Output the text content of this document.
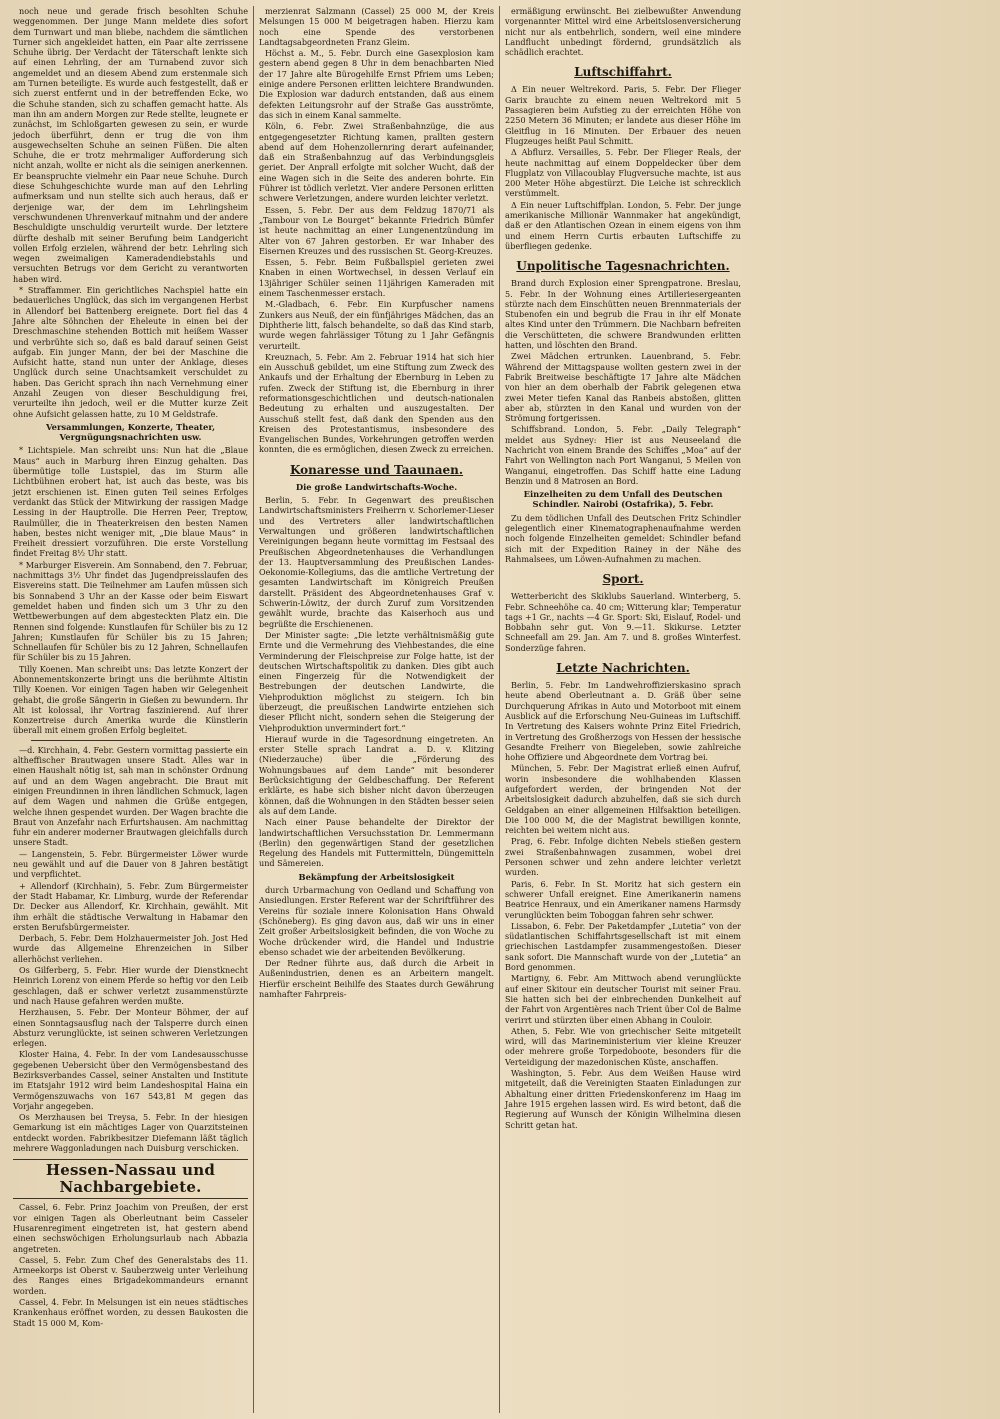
noch neue und gerade frisch besohlten Schuhe weggenommen. Der junge Mann meldete dies sofort dem Turnwart und man bliebe, nachdem die sämtlichen Turner sich angekleidet hatten, ein Paar alte zerrissene Schuhe übrig. Der Verdacht der Täterschaft lenkte sich auf einen Lehrling, der am Turnabend zuvor sich angemeldet und an diesem Abend zum erstenmale sich am Turnen beteiligte. Es wurde auch festgestellt, daß er sich zuerst entfernt und in der betreffenden Ecke, wo die Schuhe standen, sich zu schaffen gemacht hatte. Als man ihn am andern Morgen zur Rede stellte, leugnete er zunächst, im Schloßgarten gewesen zu sein, er wurde jedoch überführt, denn er trug die von ihm ausgewechselten Schuhe an seinen Füßen. Die alten Schuhe, die er trotz mehrmaliger Aufforderung sich nicht anzah, wollte er nicht als die seinigen anerkennen. Er beanspruchte vielmehr ein Paar neue Schuhe. Durch diese Schuhgeschichte wurde man auf den Lehrling aufmerksam und nun stellte sich auch heraus, daß er derjenige war, der dem im Lehrlingsheim verschwundenen Uhrenverkauf mitnahm und der andere Beschuldigte unschuldig verurteilt wurde. Der letztere dürfte deshalb mit seiner Berufung beim Landgericht vollen Erfolg erzielen, während der betr. Lehrling sich wegen zweimaligen Kameradendiebstahls und versuchten Betrugs vor dem Gericht zu verantworten haben wird.

* Straffammer. Ein gerichtliches Nachspiel hatte ein bedauerliches Unglück, das sich im vergangenen Herbst in Allendorf bei Battenberg ereignete. Dort fiel das 4 Jahre alte Söhnchen der Eheleute in einen bei der Dreschmaschine stehenden Bottich mit heißem Wasser und verbrühte sich so, daß es bald darauf seinen Geist aufgab. Ein junger Mann, der bei der Maschine die Aufsicht hatte, stand nun unter der Anklage, dieses Unglück durch seine Unachtsamkeit verschuldet zu haben. Das Gericht sprach ihn nach Vernehmung einer Anzahl Zeugen von dieser Beschuldigung frei, verurteilte ihn jedoch, weil er die Mutter kurze Zeit ohne Aufsicht gelassen hatte, zu 10 M Geldstrafe.

Versammlungen, Konzerte, Theater, Vergnügungsnachrichten usw.

* Lichtspiele. Man schreibt uns: Nun hat die „Blaue Maus“ auch in Marburg ihren Einzug gehalten. Das übermütige tolle Lustspiel, das im Sturm alle Lichtbühnen erobert hat, ist auch das beste, was bis jetzt erschienen ist. Einen guten Teil seines Erfolges verdankt das Stück der Mitwirkung der rassigen Madge Lessing in der Hauptrolle. Die Herren Peer, Treptow, Raulmüller, die in Theaterkreisen den besten Namen haben, bestes nicht weniger mit, „Die blaue Maus“ in Freiheit dressiert vorzuführen. Die erste Vorstellung findet Freitag 8½ Uhr statt.

* Marburger Eisverein. Am Sonnabend, den 7. Februar, nachmittags 3½ Uhr findet das Jugendpreisslaufen des Eisvereins statt. Die Teilnehmer am Laufen müssen sich bis Sonnabend 3 Uhr an der Kasse oder beim Eiswart gemeldet haben und finden sich um 3 Uhr zu den Wettbewerbungen auf dem abgesteckten Platz ein. Die Rennen sind folgende: Kunstlaufen für Schüler bis zu 12 Jahren; Kunstlaufen für Schüler bis zu 15 Jahren; Schnellaufen für Schüler bis zu 12 Jahren, Schnellaufen für Schüler bis zu 15 Jahren.

Tilly Koenen. Man schreibt uns: Das letzte Konzert der Abonnementskonzerte bringt uns die berühmte Altistin Tilly Koenen. Vor einigen Tagen haben wir Gelegenheit gehabt, die große Sängerin in Gießen zu bewundern. Ihr Alt ist kolossal, ihr Vortrag faszinierend. Auf ihrer Konzertreise durch Amerika wurde die Künstlerin überall mit einem großen Erfolg begleitet.

—d. Kirchhain, 4. Febr. Gestern vormittag passierte ein altheffischer Brautwagen unsere Stadt. Alles war in einen Haushalt nötig ist, sah man in schönster Ordnung auf und an dem Wagen angebracht. Die Braut mit einigen Freundinnen in ihren ländlichen Schmuck, lagen auf dem Wagen und nahmen die Grüße entgegen, welche ihnen gespendet wurden. Der Wagen brachte die Braut von Anzefahr nach Erfurtshausen. Am nachmittag fuhr ein anderer moderner Brautwagen gleichfalls durch unsere Stadt.

— Langenstein, 5. Febr. Bürgermeister Löwer wurde neu gewählt und auf die Dauer von 8 Jahren bestätigt und verpflichtet.

+ Allendorf (Kirchhain), 5. Febr. Zum Bürgermeister der Stadt Habamar, Kr. Limburg, wurde der Referendar Dr. Decker aus Allendorf, Kr. Kirchhain, gewählt. Mit ihm erhält die städtische Verwaltung in Habamar den ersten Berufsbürgermeister.

Derbach, 5. Febr. Dem Holzhauermeister Joh. Jost Hed wurde das Allgemeine Ehrenzeichen in Silber allerhöchst verliehen.

Os Gilferberg, 5. Febr. Hier wurde der Dienstknecht Heinrich Lorenz von einem Pferde so heftig vor den Leib geschlagen, daß er schwer verletzt zusammenstürzte und nach Hause gefahren werden mußte.

Herzhausen, 5. Febr. Der Monteur Böhmer, der auf einen Sonntagsausflug nach der Talsperre durch einen Absturz verunglückte, ist seinen schweren Verletzungen erlegen.

Kloster Haina, 4. Febr. In der vom Landesausschusse gegebenen Uebersicht über den Vermögensbestand des Bezirksverbandes Cassel, seiner Anstalten und Institute im Etatsjahr 1912 wird beim Landeshospital Haina ein Vermögenszuwachs von 167 543,81 M gegen das Vorjahr angegeben.

Os Merzhausen bei Treysa, 5. Febr. In der hiesigen Gemarkung ist ein mächtiges Lager von Quarzitsteinen entdeckt worden. Fabrikbesitzer Diefemann läßt täglich mehrere Waggonladungen nach Duisburg verschicken.

Hessen-Nassau und Nachbargebiete.

Cassel, 6. Febr. Prinz Joachim von Preußen, der erst vor einigen Tagen als Oberleutnant beim Casseler Husarenregiment eingetreten ist, hat gestern abend einen sechswöchigen Erholungsurlaub nach Abbazia angetreten.

Cassel, 5. Febr. Zum Chef des Generalstabs des 11. Armeekorps ist Oberst v. Sauberzweig unter Verleihung des Ranges eines Brigadekommandeurs ernannt worden.

Cassel, 4. Febr. In Melsungen ist ein neues städtisches Krankenhaus eröffnet worden, zu dessen Baukosten die Stadt 15 000 M, Kom-

merzienrat Salzmann (Cassel) 25 000 M, der Kreis Melsungen 15 000 M beigetragen haben. Hierzu kam noch eine Spende des verstorbenen Landtagsabgeordneten Franz Gleim.

Höchst a. M., 5. Febr. Durch eine Gasexplosion kam gestern abend gegen 8 Uhr in dem benachbarten Nied der 17 Jahre alte Bürogehilfe Ernst Pfriem ums Leben; einige andere Personen erlitten leichtere Brandwunden. Die Explosion war dadurch entstanden, daß aus einem defekten Leitungsrohr auf der Straße Gas ausströmte, das sich in einem Kanal sammelte.

Köln, 6. Febr. Zwei Straßenbahnzüge, die aus entgegengesetzter Richtung kamen, prallten gestern abend auf dem Hohenzollernring derart aufeinander, daß ein Straßenbahnzug auf das Verbindungsgleis geriet. Der Anprall erfolgte mit solcher Wucht, daß der eine Wagen sich in die Seite des anderen bohrte. Ein Führer ist tödlich verletzt. Vier andere Personen erlitten schwere Verletzungen, andere wurden leichter verletzt.

Essen, 5. Febr. Der aus dem Feldzug 1870/71 als „Tambour von Le Bourget“ bekannte Friedrich Bümfer ist heute nachmittag an einer Lungenentzündung im Alter von 67 Jahren gestorben. Er war Inhaber des Eisernen Kreuzes und des russischen St. Georg-Kreuzes.

Essen, 5. Febr. Beim Fußballspiel gerieten zwei Knaben in einen Wortwechsel, in dessen Verlauf ein 13jähriger Schüler seinen 11jährigen Kameraden mit einem Taschenmesser erstach.

M.-Gladbach, 6. Febr. Ein Kurpfuscher namens Zunkers aus Neuß, der ein fünfjähriges Mädchen, das an Diphtherie litt, falsch behandelte, so daß das Kind starb, wurde wegen fahrlässiger Tötung zu 1 Jahr Gefängnis verurteilt.

Kreuznach, 5. Febr. Am 2. Februar 1914 hat sich hier ein Ausschuß gebildet, um eine Stiftung zum Zweck des Ankaufs und der Erhaltung der Ebernburg in Leben zu rufen. Zweck der Stiftung ist, die Ebernburg in ihrer reformationsgeschichtlichen und deutsch-nationalen Bedeutung zu erhalten und auszugestalten. Der Ausschuß stellt fest, daß dank den Spenden aus den Kreisen des Protestantismus, insbesondere des Evangelischen Bundes, Vorkehrungen getroffen werden konnten, die es ermöglichen, diesen Zweck zu erreichen.

Konaresse und Taaunaen.
Die große Landwirtschafts-Woche.

Berlin, 5. Febr. In Gegenwart des preußischen Landwirtschaftsministers Freiherrn v. Schorlemer-Lieser und des Vertreters aller landwirtschaftlichen Verwaltungen und größeren landwirtschaftlichen Vereinigungen begann heute vormittag im Festsaal des Preußischen Abgeordnetenhauses die Verhandlungen der 13. Hauptversammlung des Preußischen Landes-Oekonomie-Kollegiums, das die amtliche Vertretung der gesamten Landwirtschaft im Königreich Preußen darstellt. Präsident des Abgeordnetenhauses Graf v. Schwerin-Löwitz, der durch Zuruf zum Vorsitzenden gewählt wurde, brachte das Kaiserhoch aus und begrüßte die Erschienenen.

Der Minister sagte: „Die letzte verhältnismäßig gute Ernte und die Vermehrung des Viehbestandes, die eine Verminderung der Fleischpreise zur Folge hatte, ist der deutschen Wirtschaftspolitik zu danken. Dies gibt auch einen Fingerzeig für die Notwendigkeit der Bestrebungen der deutschen Landwirte, die Viehproduktion möglichst zu steigern. Ich bin überzeugt, die preußischen Landwirte entziehen sich dieser Pflicht nicht, sondern sehen die Steigerung der Viehproduktion unvermindert fort.“

Hierauf wurde in die Tagesordnung eingetreten. An erster Stelle sprach Landrat a. D. v. Klitzing (Niederzauche) über die „Förderung des Wohnungsbaues auf dem Lande“ mit besonderer Berücksichtigung der Geldbeschaffung. Der Referent erklärte, es habe sich bisher nicht davon überzeugen können, daß die Wohnungen in den Städten besser seien als auf dem Lande.

Nach einer Pause behandelte der Direktor der landwirtschaftlichen Versuchsstation Dr. Lemmermann (Berlin) den gegenwärtigen Stand der gesetzlichen Regelung des Handels mit Futtermitteln, Düngemitteln und Sämereien.

Bekämpfung der Arbeitslosigkeit

durch Urbarmachung von Oedland und Schaffung von Ansiedlungen. Erster Referent war der Schriftführer des Vereins für soziale innere Kolonisation Hans Ohwald (Schöneberg). Es ging davon aus, daß wir uns in einer Zeit großer Arbeitslosigkeit befinden, die von Woche zu Woche drückender wird, die Handel und Industrie ebenso schadet wie der arbeitenden Bevölkerung.

Der Redner führte aus, daß durch die Arbeit in Außenindustrien, denen es an Arbeitern mangelt. Hierfür erscheint Beihilfe des Staates durch Gewährung namhafter Fahrpreis-

ermäßigung erwünscht. Bei zielbewußter Anwendung vorgenannter Mittel wird eine Arbeitslosenversicherung nicht nur als entbehrlich, sondern, weil eine mindere Landflucht unbedingt fördernd, grundsätzlich als schädlich erachtet.

Luftschiffahrt.

Δ Ein neuer Weltrekord. Paris, 5. Febr. Der Flieger Garix brauchte zu einem neuen Weltrekord mit 5 Passagieren beim Aufstieg zu der erreichten Höhe von 2250 Metern 36 Minuten; er landete aus dieser Höhe im Gleitflug in 16 Minuten. Der Erbauer des neuen Flugzeuges heißt Paul Schmitt.

Δ Abflurz. Versailles, 5. Febr. Der Flieger Reals, der heute nachmittag auf einem Doppeldecker über dem Flugplatz von Villacoublay Flugversuche machte, ist aus 200 Meter Höhe abgestürzt. Die Leiche ist schrecklich verstümmelt.

Δ Ein neuer Luftschiffplan. London, 5. Febr. Der junge amerikanische Millionär Wannmaker hat angekündigt, daß er den Atlantischen Ozean in einem eigens von ihm und einem Herrn Curtis erbauten Luftschiffe zu überfliegen gedenke.

Unpolitische Tagesnachrichten.

Brand durch Explosion einer Sprengpatrone. Breslau, 5. Febr. In der Wohnung eines Artilleriesergeanten stürzte nach dem Einschütten neuen Brennmaterials der Stubenofen ein und begrub die Frau in ihr elf Monate altes Kind unter den Trümmern. Die Nachbarn befreiten die Verschütteten, die schwere Brandwunden erlitten hatten, und löschten den Brand.

Zwei Mädchen ertrunken. Lauenbrand, 5. Febr. Während der Mittagspause wollten gestern zwei in der Fabrik Breitweise beschäftigte 17 Jahre alte Mädchen von hier an dem oberhalb der Fabrik gelegenen etwa zwei Meter tiefen Kanal das Ranbeis abstoßen, glitten aber ab, stürzten in den Kanal und wurden von der Strömung fortgerissen.

Schiffsbrand. London, 5. Febr. „Daily Telegraph“ meldet aus Sydney: Hier ist aus Neuseeland die Nachricht von einem Brande des Schiffes „Moa“ auf der Fahrt von Wellington nach Port Wanganui, 5 Meilen von Wanganui, eingetroffen. Das Schiff hatte eine Ladung Benzin und 8 Matrosen an Bord.

Einzelheiten zu dem Unfall des Deutschen Schindler. Nairobi (Ostafrika), 5. Febr.

Zu dem tödlichen Unfall des Deutschen Fritz Schindler gelegentlich einer Kinematographenaufnahme werden noch folgende Einzelheiten gemeldet: Schindler befand sich mit der Expedition Rainey in der Nähe des Rahmalsees, um Löwen-Aufnahmen zu machen.

Sport.

Wetterbericht des Skiklubs Sauerland. Winterberg, 5. Febr. Schneehöhe ca. 40 cm; Witterung klar; Temperatur tags +1 Gr., nachts —4 Gr. Sport: Ski, Eislauf, Rodel- und Bobbahn sehr gut. Von 9.—11. Skikurse. Letzter Schneefall am 29. Jan. Am 7. und 8. großes Winterfest. Sonderzüge fahren.

Letzte Nachrichten.

Berlin, 5. Febr. Im Landwehroffizierskasino sprach heute abend Oberleutnant a. D. Gräß über seine Durchquerung Afrikas in Auto und Motorboot mit einem Ausblick auf die Erforschung Neu-Guineas im Luftschiff. In Vertretung des Kaisers wohnte Prinz Eitel Friedrich, in Vertretung des Großherzogs von Hessen der hessische Gesandte Freiherr von Biegeleben, sowie zahlreiche hohe Offiziere und Abgeordnete dem Vortrag bei.

München, 5. Febr. Der Magistrat erließ einen Aufruf, worin insbesondere die wohlhabenden Klassen aufgefordert werden, der bringenden Not der Arbeitslosigkeit dadurch abzuhelfen, daß sie sich durch Geldgaben an einer allgemeinen Hilfsaktion beteiligen. Die 100 000 M, die der Magistrat bewilligen konnte, reichten bei weitem nicht aus.

Prag, 6. Febr. Infolge dichten Nebels stießen gestern zwei Straßenbahnwagen zusammen, wobei drei Personen schwer und zehn andere leichter verletzt wurden.

Paris, 6. Febr. In St. Moritz hat sich gestern ein schwerer Unfall ereignet. Eine Amerikanerin namens Beatrice Henraux, und ein Amerikaner namens Harmsdy verunglückten beim Toboggan fahren sehr schwer.

Lissabon, 6. Febr. Der Paketdampfer „Lutetia“ von der südatlantischen Schiffahrtsgesellschaft ist mit einem griechischen Lastdampfer zusammengestoßen. Dieser sank sofort. Die Mannschaft wurde von der „Lutetia“ an Bord genommen.

Martigny, 6. Febr. Am Mittwoch abend verunglückte auf einer Skitour ein deutscher Tourist mit seiner Frau. Sie hatten sich bei der einbrechenden Dunkelheit auf der Fahrt von Argentières nach Trient über Col de Balme verirrt und stürzten über einen Abhang in Couloir.

Athen, 5. Febr. Wie von griechischer Seite mitgeteilt wird, will das Marineministerium vier kleine Kreuzer oder mehrere große Torpedoboote, besonders für die Verteidigung der mazedonischen Küste, anschaffen.

Washington, 5. Febr. Aus dem Weißen Hause wird mitgeteilt, daß die Vereinigten Staaten Einladungen zur Abhaltung einer dritten Friedenskonferenz im Haag im Jahre 1915 ergehen lassen wird. Es wird betont, daß die Regierung auf Wunsch der Königin Wilhelmina diesen Schritt getan hat.
